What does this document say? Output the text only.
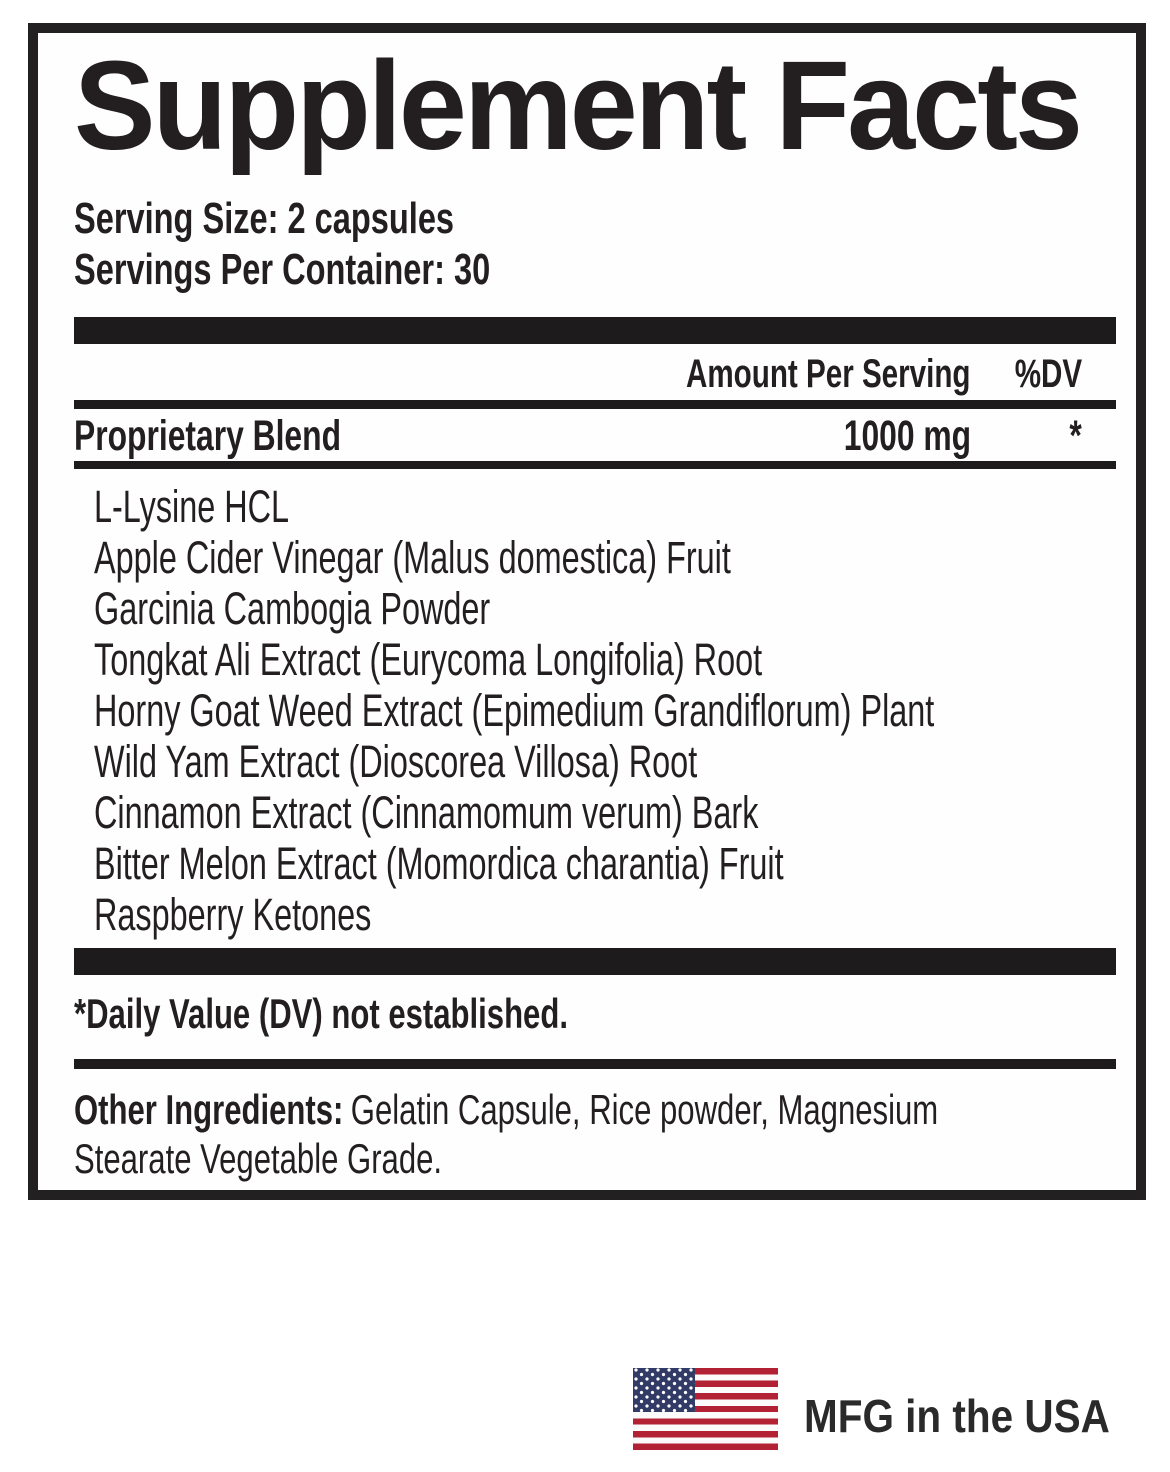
Supplement Facts
Serving Size: 2 capsules
Servings Per Container: 30
Amount Per Serving	%DV
Proprietary Blend	1000 mg	*
L-Lysine HCL
Apple Cider Vinegar (Malus domestica) Fruit
Garcinia Cambogia Powder
Tongkat Ali Extract (Eurycoma Longifolia) Root
Horny Goat Weed Extract (Epimedium Grandiflorum) Plant
Wild Yam Extract (Dioscorea Villosa) Root
Cinnamon Extract (Cinnamomum verum) Bark
Bitter Melon Extract (Momordica charantia) Fruit
Raspberry Ketones
*Daily Value (DV) not established.

Other Ingredients: Gelatin Capsule, Rice powder, Magnesium Stearate Vegetable Grade.

MFG in the USA
